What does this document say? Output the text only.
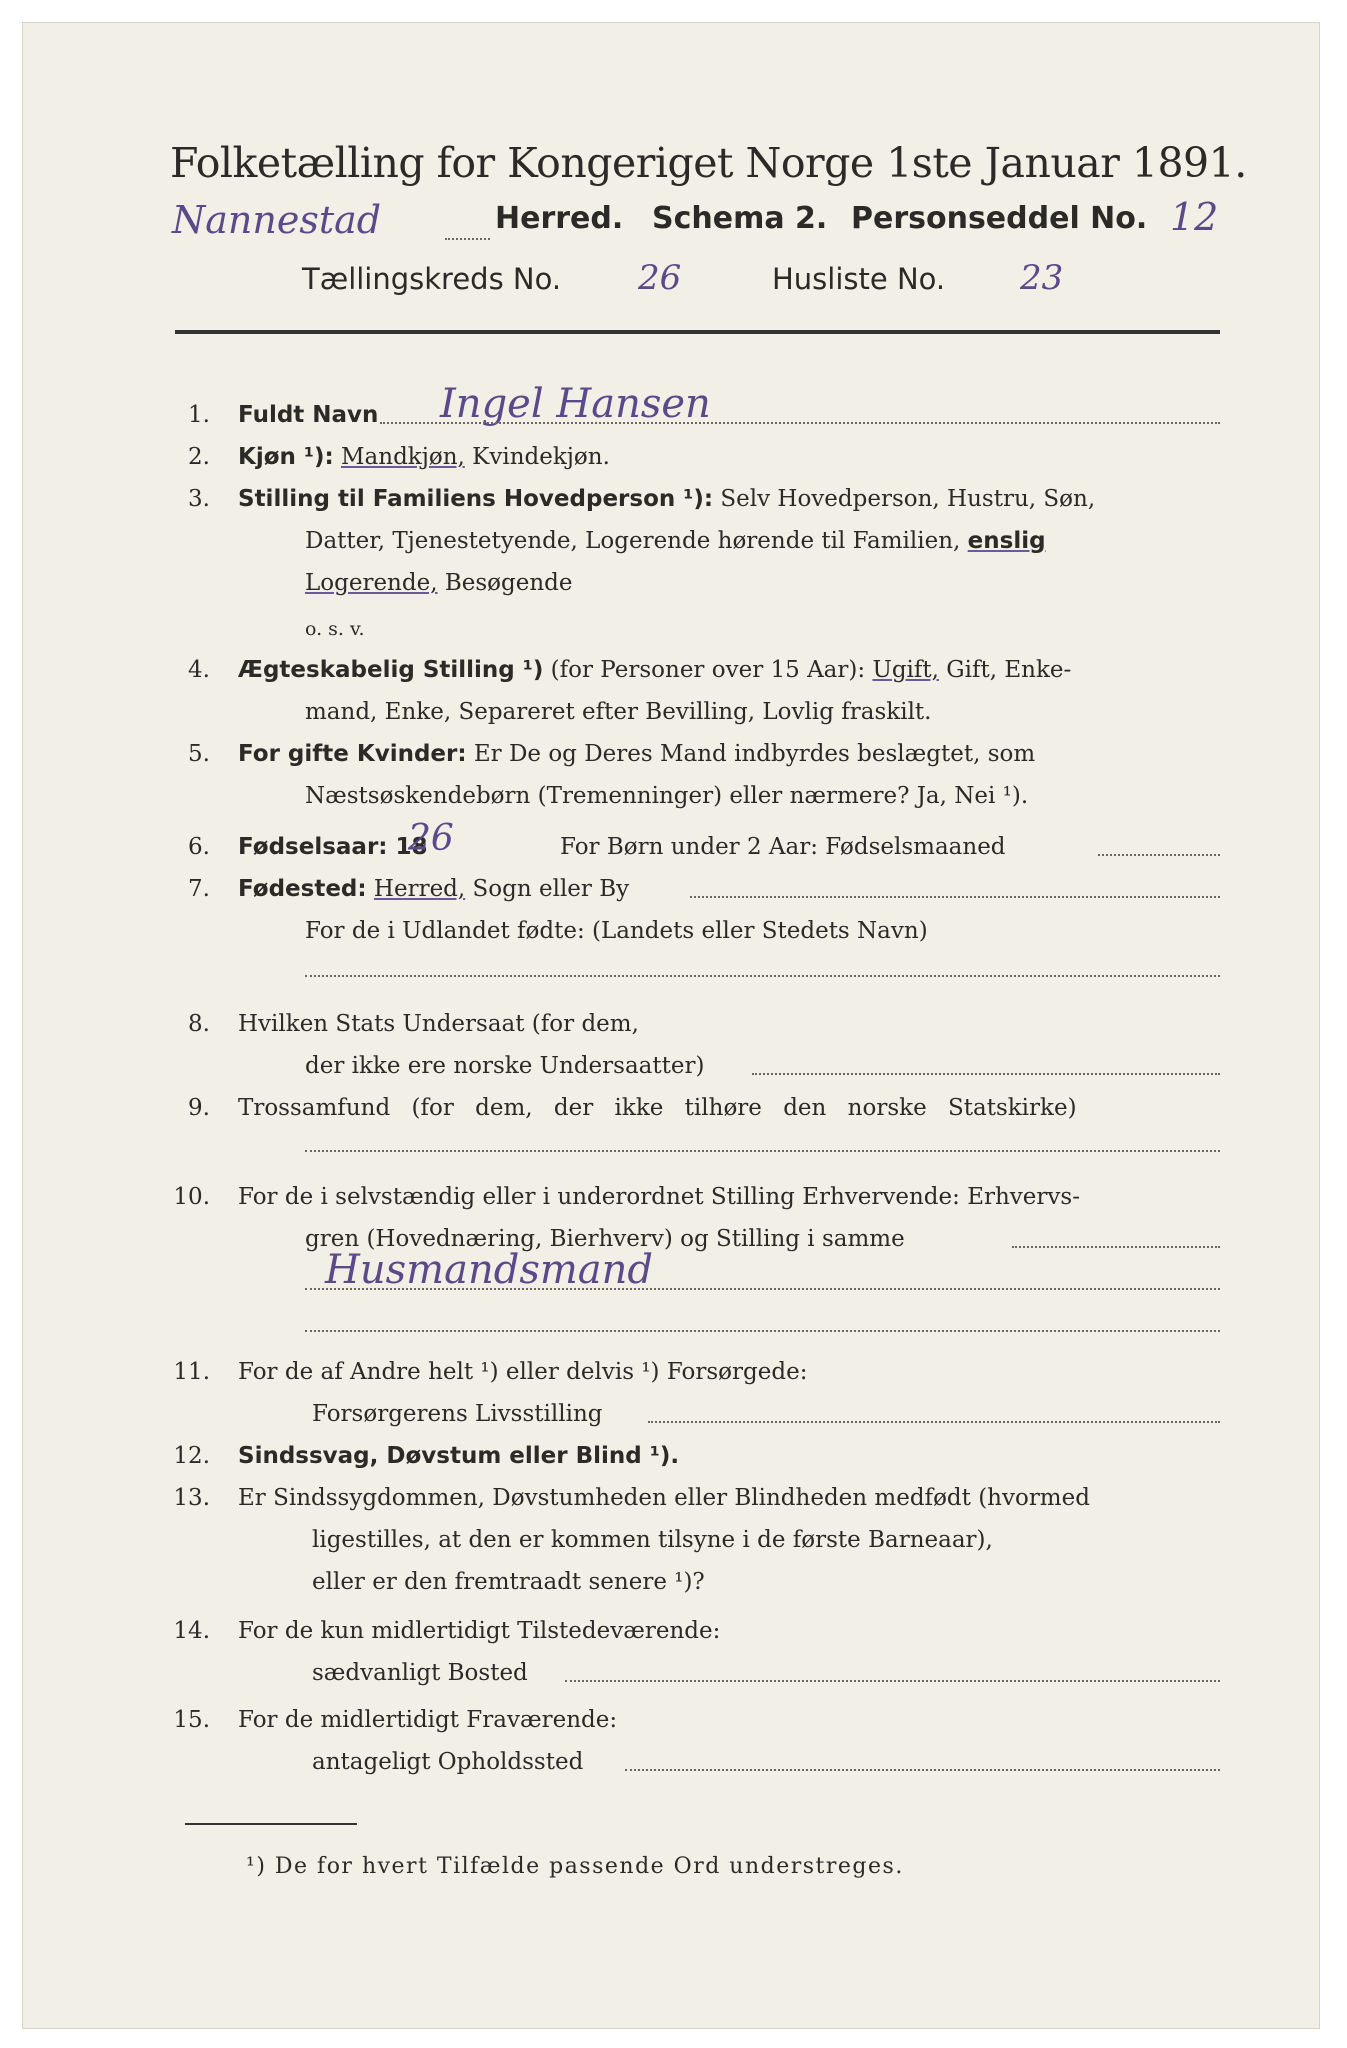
Folketælling for Kongeriget Norge 1ste Januar 1891.
Nannestad	Herred. Schema 2. Personseddel No. 12
Tællingskreds No. 26	Husliste No. 23
1. Fuldt Navn Ingel Hansen
2. Kjøn ¹): Mandkjøn, Kvindekjøn.
3. Stilling til Familiens Hovedperson ¹): Selv Hovedperson, Hustru, Søn,
Datter, Tjenestetyende, Logerende hørende til Familien, enslig
Logerende, Besøgende
o. s. v.
4. Ægteskabelig Stilling ¹) (for Personer over 15 Aar): Ugift, Gift, Enke-
mand, Enke, Separeret efter Bevilling, Lovlig fraskilt.
5. For gifte Kvinder: Er De og Deres Mand indbyrdes beslægtet, som
Næstsøskendebørn (Tremenninger) eller nærmere? Ja, Nei ¹).
6. Fødselsaar: 18
26	For Børn under 2 Aar: Fødselsmaaned
7. Fødested: Herred, Sogn eller By
For de i Udlandet fødte: (Landets eller Stedets Navn)
8. Hvilken Stats Undersaat (for dem,
der ikke ere norske Undersaatter)
9. Trossamfund (for dem, der ikke tilhøre den norske Statskirke)
10. For de i selvstændig eller i underordnet Stilling Erhvervende: Erhvervs-
gren (Hovednæring, Bierhverv) og Stilling i samme
Husmandsmand
11. For de af Andre helt ¹) eller delvis ¹) Forsørgede:
Forsørgerens Livsstilling
12. Sindssvag, Døvstum eller Blind ¹).
13. Er Sindssygdommen, Døvstumheden eller Blindheden medfødt (hvormed
ligestilles, at den er kommen tilsyne i de første Barneaar),
eller er den fremtraadt senere ¹)?
14. For de kun midlertidigt Tilstedeværende:
sædvanligt Bosted
15. For de midlertidigt Fraværende:
antageligt Opholdssted
¹) De for hvert Tilfælde passende Ord understreges.
